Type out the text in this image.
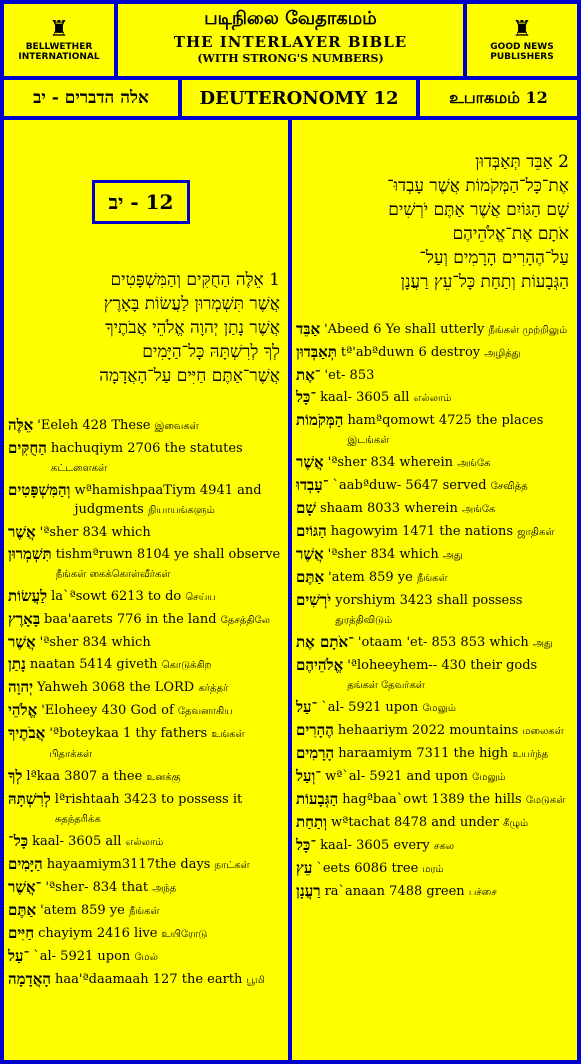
♜
BELLWETHER INTERNATIONAL
படிநிலை வேதாகமம்
THE INTERLAYER BIBLE
(WITH STRONG'S NUMBERS)
♜
GOOD NEWS PUBLISHERS
אלה הדברים - יב	DEUTERONOMY 12	உபாகமம் 12
12 - יב
1 אֵלֶּה הַחֻקִּים וְהַמִּשְׁפָּטִים
אֲשֶׁר תִּשְׁמְרוּן לַעֲשׂוֹת בָּאָרֶץ
אֲשֶׁר נָתַן יְהוָה אֱלֹהֵי אֲבֹתֶיךָ
לְךָ לְרִשְׁתָּהּ כָּל־הַיָּמִים
אֲשֶׁר־אַתֶּם חַיִּים עַל־הָאֲדָמָה
אֵלֶּה 'Eeleh 428 These இவைகள்
הַחֻקִּים hachuqiym 2706 the statutes கட்டளைகள்
וְהַמִּשְׁפָּטִים wªhamishpaaTiym 4941 and judgments நியாயங்களும்
אֲשֶׁר 'ªsher 834 which
תִּשְׁמְרוּן tishmªruwn 8104 ye shall observe நீங்கள் கைக்கொள்வீர்கள்
לַעֲשׂוֹת la`ªsowt 6213 to do செய்ய
בָּאָרֶץ baa'aarets 776 in the land தேசத்திலே
אֲשֶׁר 'ªsher 834 which
נָתַן naatan 5414 giveth கொடுக்கிற
יְהוָה Yahweh 3068 the LORD கர்த்தர்
אֱלֹהֵי 'Eloheey 430 God of தேவனாகிய
אֲבֹתֶיךָ 'ªboteykaa 1 thy fathers உங்கள் பிதாக்கள்
לְךָ lªkaa 3807 a thee உனக்கு
לְרִשְׁתָּהּ lªrishtaah 3423 to possess it சுதந்தரிக்க
כָּל־ kaal- 3605 all எல்லாம்
הַיָּמִים hayaamiym3117the days நாட்கள்
־אֲשֶׁר 'ªsher- 834 that அந்த
אַתֶּם 'atem 859 ye நீங்கள்
חַיִּים chayiym 2416 live உயிரோடு
־עַל `al- 5921 upon மேல்
הָאֲדָמָה haa'ªdaamaah 127 the earth பூமி
2 אַבֵּד תְּאַבְּדוּן
אֶת־כָּל־הַמְּקֹמוֹת אֲשֶׁר עָבְדוּ־
שָׁם הַגּוֹיִם אֲשֶׁר אַתֶּם יֹרְשִׁים
אֹתָם אֶת־אֱלֹהֵיהֶם
עַל־הֶהָרִים הָרָמִים וְעַל־
הַגְּבָעוֹת וְתַחַת כָּל־עֵץ רַעֲנָן
אַבֵּד 'Abeed 6 Ye shall utterly நீங்கள் முற்றிலும்
תְּאַבְּדוּן tª'abªduwn 6 destroy அழித்து
־אֶת 'et- 853
־כָּל kaal- 3605 all எல்லாம்
הַמְּקֹמוֹת hamªqomowt 4725 the places இடங்கள்
אֲשֶׁר 'ªsher 834 wherein அங்கே
־עָבְדוּ `aabªduw- 5647 served சேவித்த
שָׁם shaam 8033 wherein அங்கே
הַגּוֹיִם hagowyim 1471 the nations ஜாதிகள்
אֲשֶׁר 'ªsher 834 which அது
אַתֶּם 'atem 859 ye நீங்கள்
יֹרְשִׁים yorshiym 3423 shall possess துரத்திவிடும்
־אֹתָם אֶת 'otaam 'et- 853 853 which அது
אֱלֹהֵיהֶם 'ªloheeyhem-- 430 their gods தங்கள் தேவர்கள்
־עַל `al- 5921 upon மேலும்
הֶהָרִים hehaariym 2022 mountains மலைகள்
הָרָמִים haraamiym 7311 the high உயர்ந்த
־וְעַל wª`al- 5921 and upon மேலும்
הַגְּבָעוֹת hagªbaa`owt 1389 the hills மேடுகள்
וְתַחַת wªtachat 8478 and under கீழும்
־כָּל kaal- 3605 every சகல
עֵץ `eets 6086 tree மரம்
רַעֲנָן ra`anaan 7488 green பச்சை
